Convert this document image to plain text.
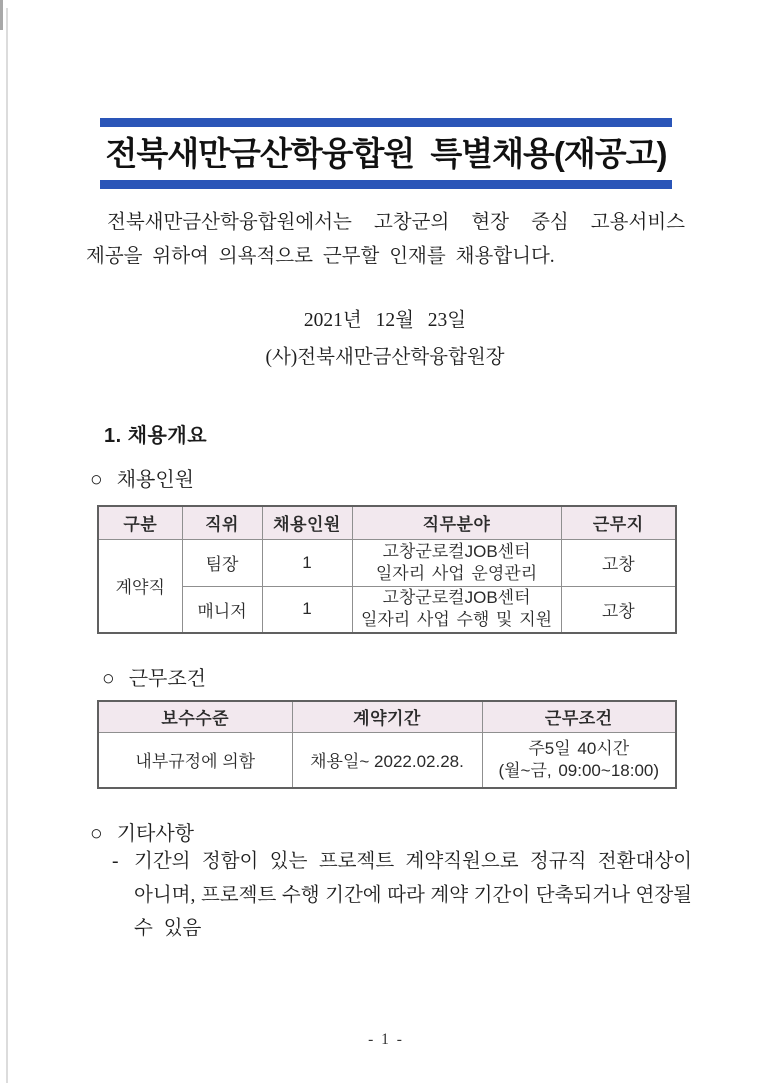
전북새만금산학융합원 특별채용(재공고)
전북새만금산학융합원에서는 고창군의 현장 중심 고용서비스
제공을 위하여 의욕적으로 근무할 인재를 채용합니다.
2021년 12월 23일
(사)전북새만금산학융합원장
1. 채용개요
○ 채용인원
구분	직위	채용인원	직무분야	근무지
계약직	팀장	1	고창군로컬JOB센터
일자리 사업 운영관리	고창
	매니저	1	고창군로컬JOB센터
일자리 사업 수행 및 지원	고창
○ 근무조건
보수수준	계약기간	근무조건
내부규정에 의함	채용일~ 2022.02.28.	주5일 40시간
(월~금, 09:00~18:00)
○ 기타사항
- 기간의 정함이 있는 프로젝트 계약직원으로 정규직 전환대상이
아니며, 프로젝트 수행 기간에 따라 계약 기간이 단축되거나 연장될
수 있음
- 1 -
